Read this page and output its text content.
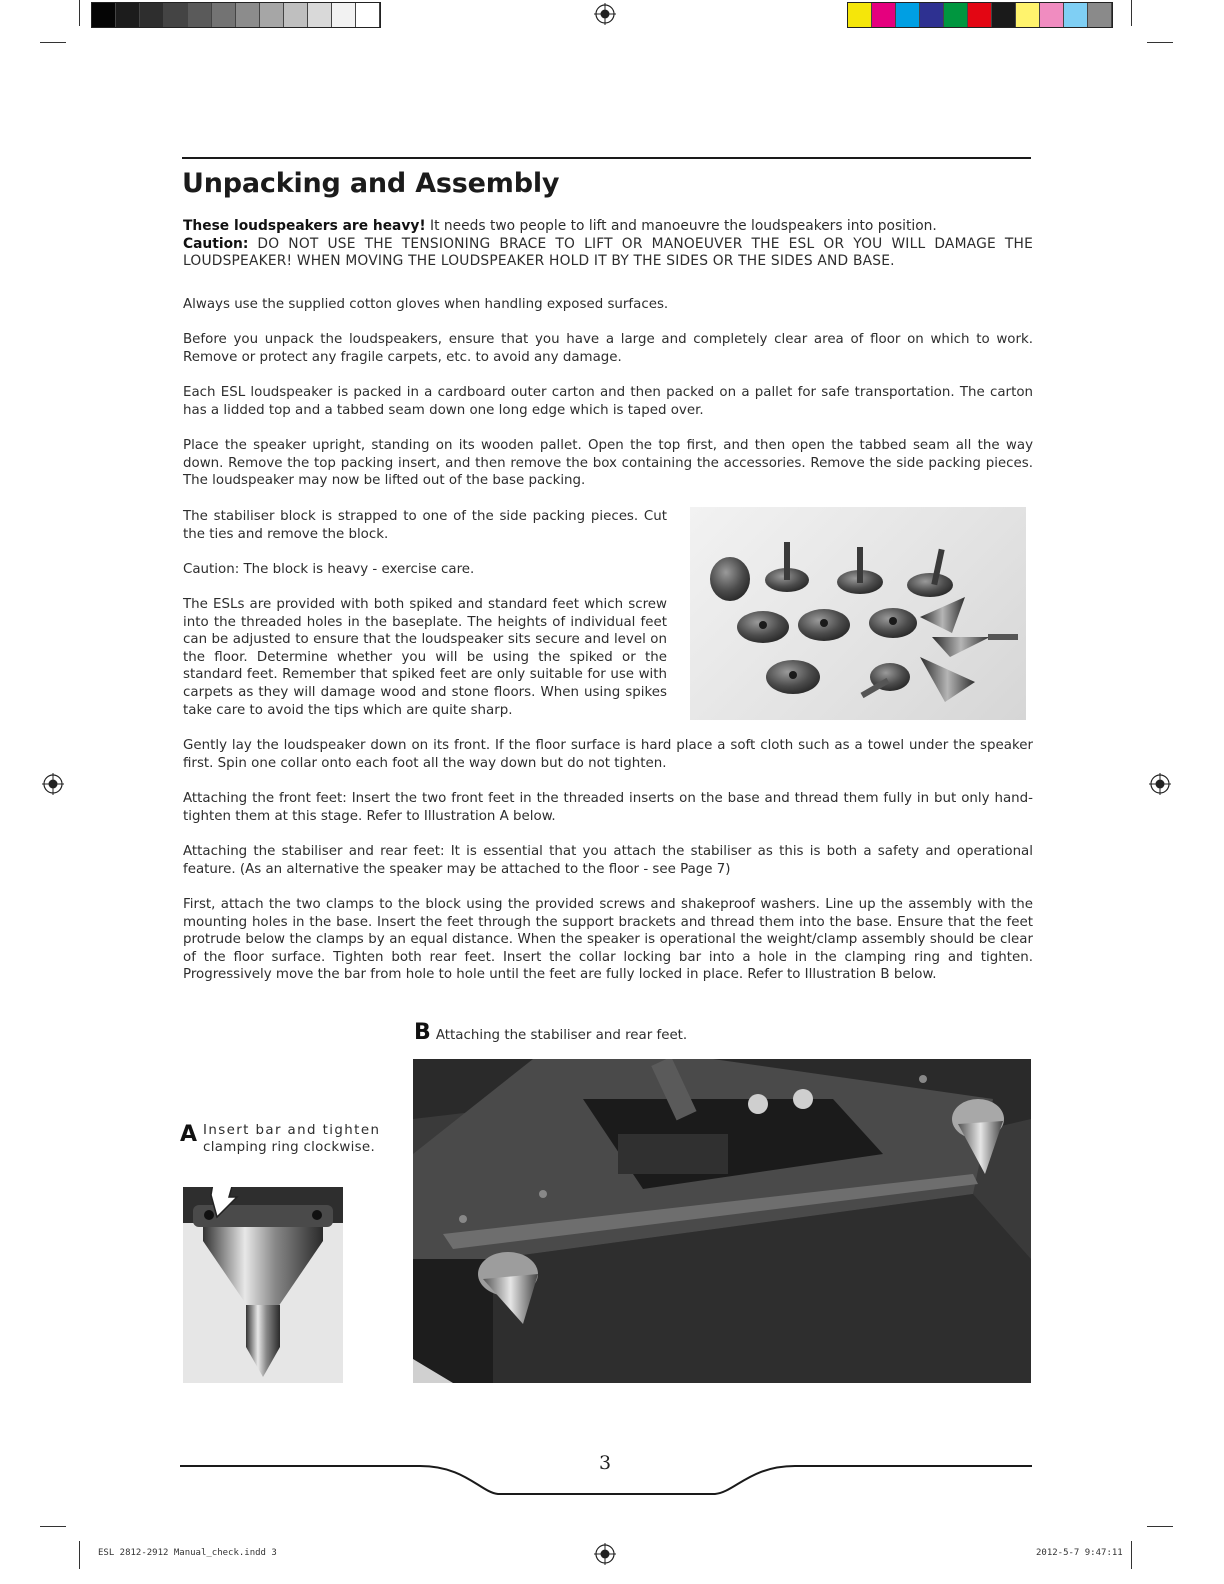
Unpacking and Assembly
These loudspeakers are heavy! It needs two people to lift and manoeuvre the loudspeakers into position.
Caution: DO NOT USE THE TENSIONING BRACE TO LIFT OR MANOEUVER THE ESL OR YOU WILL DAMAGE THE LOUDSPEAKER! WHEN MOVING THE LOUDSPEAKER HOLD IT BY THE SIDES OR THE SIDES AND BASE.

Always use the supplied cotton gloves when handling exposed surfaces.

Before you unpack the loudspeakers, ensure that you have a large and completely clear area of floor on which to work. Remove or protect any fragile carpets, etc. to avoid any damage.

Each ESL loudspeaker is packed in a cardboard outer carton and then packed on a pallet for safe transportation. The carton has a lidded top and a tabbed seam down one long edge which is taped over.

Place the speaker upright, standing on its wooden pallet. Open the top first, and then open the tabbed seam all the way down. Remove the top packing insert, and then remove the box containing the accessories. Remove the side packing pieces. The loudspeaker may now be lifted out of the base packing.

The stabiliser block is strapped to one of the side packing pieces. Cut the ties and remove the block.

Caution: The block is heavy - exercise care.

The ESLs are provided with both spiked and standard feet which screw into the threaded holes in the baseplate. The heights of individual feet can be adjusted to ensure that the loudspeaker sits secure and level on the floor. Determine whether you will be using the spiked or the standard feet. Remember that spiked feet are only suitable for use with carpets as they will damage wood and stone floors. When using spikes take care to avoid the tips which are quite sharp.

Gently lay the loudspeaker down on its front. If the floor surface is hard place a soft cloth such as a towel under the speaker first. Spin one collar onto each foot all the way down but do not tighten.

Attaching the front feet: Insert the two front feet in the threaded inserts on the base and thread them fully in but only hand-tighten them at this stage. Refer to Illustration A below.

Attaching the stabiliser and rear feet: It is essential that you attach the stabiliser as this is both a safety and operational feature. (As an alternative the speaker may be attached to the floor - see Page 7)

First, attach the two clamps to the block using the provided screws and shakeproof washers. Line up the assembly with the mounting holes in the base. Insert the feet through the support brackets and thread them into the base. Ensure that the feet protrude below the clamps by an equal distance. When the speaker is operational the weight/clamp assembly should be clear of the floor surface. Tighten both rear feet. Insert the collar locking bar into a hole in the clamping ring and tighten. Progressively move the bar from hole to hole until the feet are fully locked in place. Refer to Illustration B below.

B Attaching the stabiliser and rear feet.
A Insert bar and tighten
clamping ring clockwise.
3
ESL 2812-2912 Manual_check.indd 3	2012-5-7 9:47:11
